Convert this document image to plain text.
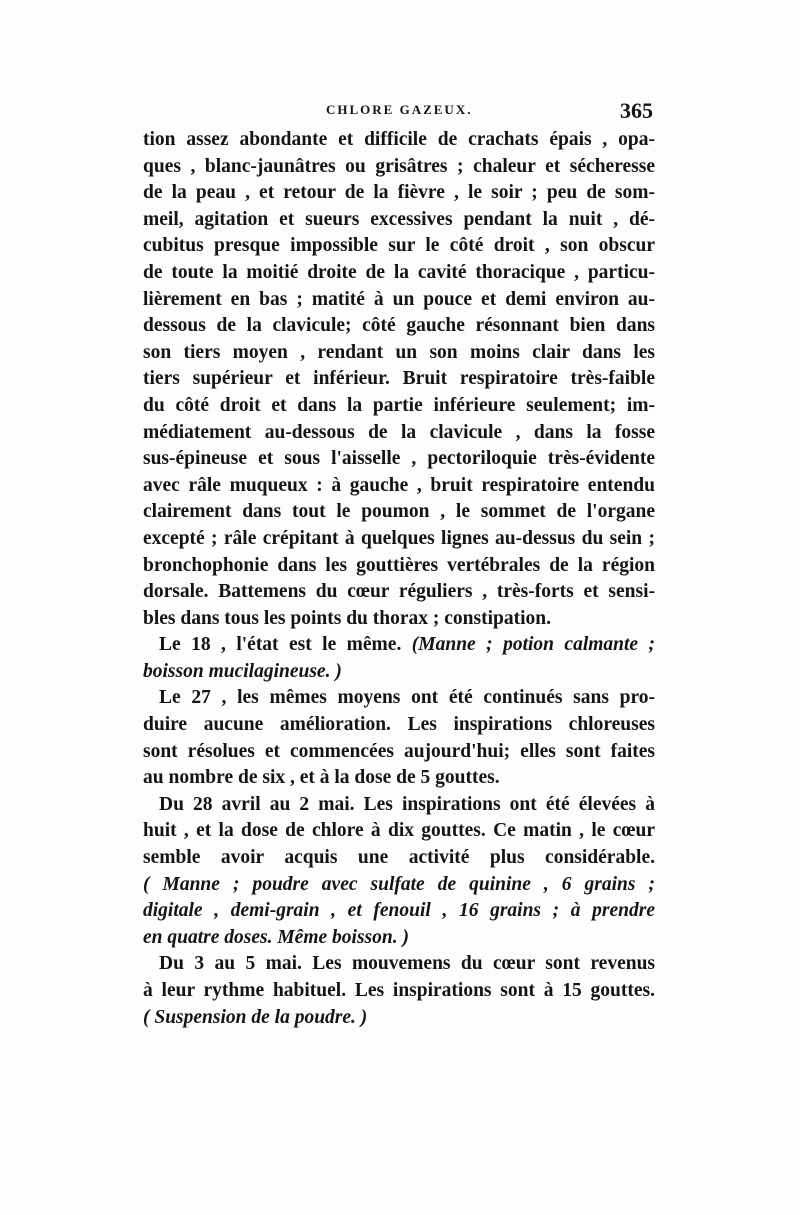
CHLORE GAZEUX.	365
tion assez abondante et difficile de crachats épais , opa-
ques , blanc-jaunâtres ou grisâtres ; chaleur et sécheresse
de la peau , et retour de la fièvre , le soir ; peu de som-
meil, agitation et sueurs excessives pendant la nuit , dé-
cubitus presque impossible sur le côté droit , son obscur
de toute la moitié droite de la cavité thoracique , particu-
lièrement en bas ; matité à un pouce et demi environ au-
dessous de la clavicule; côté gauche résonnant bien dans
son tiers moyen , rendant un son moins clair dans les
tiers supérieur et inférieur. Bruit respiratoire très-faible
du côté droit et dans la partie inférieure seulement; im-
médiatement au-dessous de la clavicule , dans la fosse
sus-épineuse et sous l'aisselle , pectoriloquie très-évidente
avec râle muqueux : à gauche , bruit respiratoire entendu
clairement dans tout le poumon , le sommet de l'organe
excepté ; râle crépitant à quelques lignes au-dessus du sein ;
bronchophonie dans les gouttières vertébrales de la région
dorsale. Battemens du cœur réguliers , très-forts et sensi-
bles dans tous les points du thorax ; constipation.
Le 18 , l'état est le même. (Manne ; potion calmante ;
boisson mucilagineuse. )
Le 27 , les mêmes moyens ont été continués sans pro-
duire aucune amélioration. Les inspirations chloreuses
sont résolues et commencées aujourd'hui; elles sont faites
au nombre de six , et à la dose de 5 gouttes.
Du 28 avril au 2 mai. Les inspirations ont été élevées à
huit , et la dose de chlore à dix gouttes. Ce matin , le cœur
semble avoir acquis une activité plus considérable.
( Manne ; poudre avec sulfate de quinine , 6 grains ;
digitale , demi-grain , et fenouil , 16 grains ; à prendre
en quatre doses. Même boisson. )
Du 3 au 5 mai. Les mouvemens du cœur sont revenus
à leur rythme habituel. Les inspirations sont à 15 gouttes.
( Suspension de la poudre. )
